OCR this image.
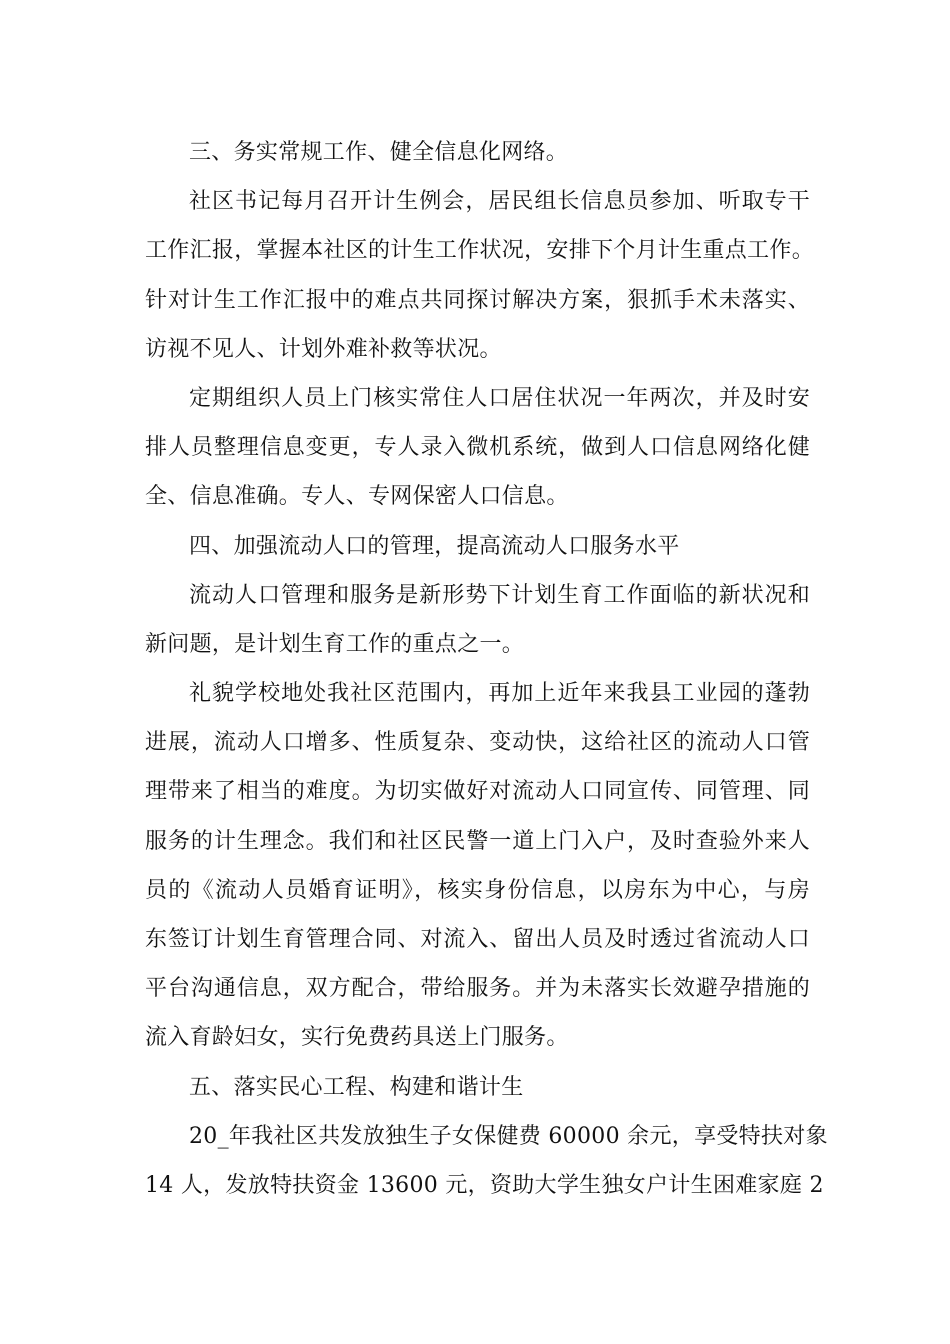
三、务实常规工作、健全信息化网络。
社区书记每月召开计生例会，居民组长信息员参加、听取专干
工作汇报，掌握本社区的计生工作状况，安排下个月计生重点工作。
针对计生工作汇报中的难点共同探讨解决方案，狠抓手术未落实、
访视不见人、计划外难补救等状况。
定期组织人员上门核实常住人口居住状况一年两次，并及时安
排人员整理信息变更，专人录入微机系统，做到人口信息网络化健
全、信息准确。专人、专网保密人口信息。
四、加强流动人口的管理，提高流动人口服务水平
流动人口管理和服务是新形势下计划生育工作面临的新状况和
新问题，是计划生育工作的重点之一。
礼貌学校地处我社区范围内，再加上近年来我县工业园的蓬勃
进展，流动人口增多、性质复杂、变动快，这给社区的流动人口管
理带来了相当的难度。为切实做好对流动人口同宣传、同管理、同
服务的计生理念。我们和社区民警一道上门入户，及时查验外来人
员的《流动人员婚育证明》，核实身份信息，以房东为中心，与房
东签订计划生育管理合同、对流入、留出人员及时透过省流动人口
平台沟通信息，双方配合，带给服务。并为未落实长效避孕措施的
流入育龄妇女，实行免费药具送上门服务。
五、落实民心工程、构建和谐计生
20_年我社区共发放独生子女保健费 60000 余元，享受特扶对象
14 人，发放特扶资金 13600 元，资助大学生独女户计生困难家庭 2
